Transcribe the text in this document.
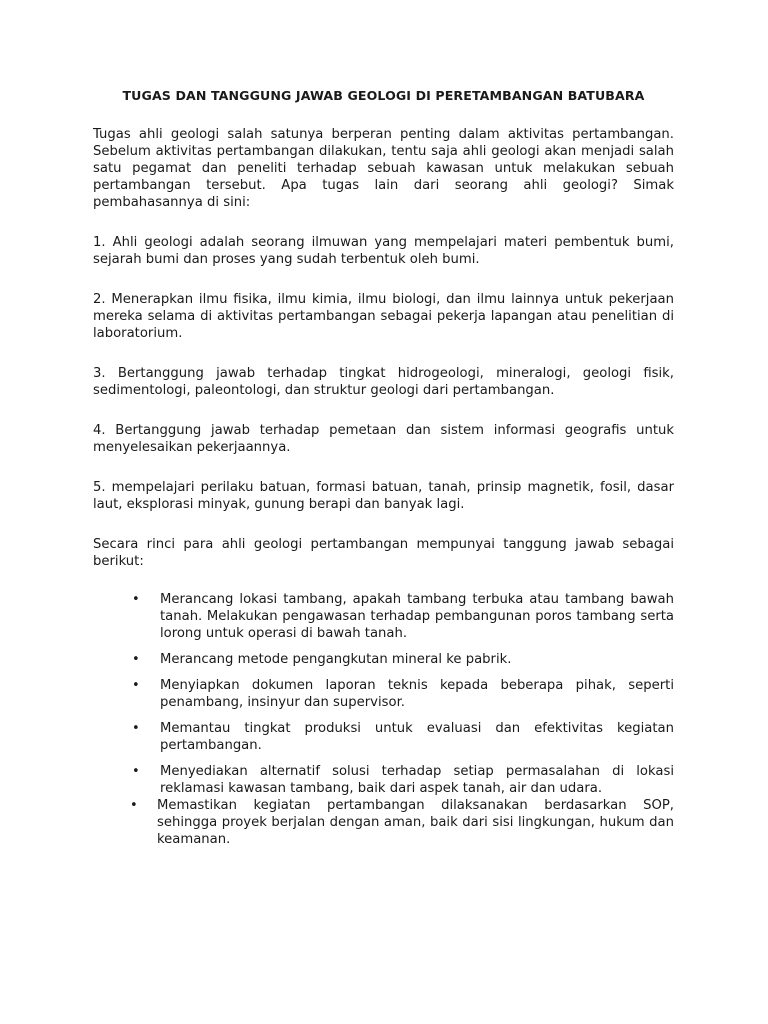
TUGAS DAN TANGGUNG JAWAB GEOLOGI DI PERETAMBANGAN BATUBARA

Tugas ahli geologi salah satunya berperan penting dalam aktivitas pertambangan. Sebelum aktivitas pertambangan dilakukan, tentu saja ahli geologi akan menjadi salah satu pegamat dan peneliti terhadap sebuah kawasan untuk melakukan sebuah pertambangan tersebut. Apa tugas lain dari seorang ahli geologi? Simak pembahasannya di sini:

1. Ahli geologi adalah seorang ilmuwan yang mempelajari materi pembentuk bumi, sejarah bumi dan proses yang sudah terbentuk oleh bumi.

2. Menerapkan ilmu fisika, ilmu kimia, ilmu biologi, dan ilmu lainnya untuk pekerjaan mereka selama di aktivitas pertambangan sebagai pekerja lapangan atau penelitian di laboratorium.

3. Bertanggung jawab terhadap tingkat hidrogeologi, mineralogi, geologi fisik, sedimentologi, paleontologi, dan struktur geologi dari pertambangan.

4. Bertanggung jawab terhadap pemetaan dan sistem informasi geografis untuk menyelesaikan pekerjaannya.

5. mempelajari perilaku batuan, formasi batuan, tanah, prinsip magnetik, fosil, dasar laut, eksplorasi minyak, gunung berapi dan banyak lagi.

Secara rinci para ahli geologi pertambangan mempunyai tanggung jawab sebagai berikut:

• Merancang lokasi tambang, apakah tambang terbuka atau tambang bawah tanah. Melakukan pengawasan terhadap pembangunan poros tambang serta lorong untuk operasi di bawah tanah.
• Merancang metode pengangkutan mineral ke pabrik.
• Menyiapkan dokumen laporan teknis kepada beberapa pihak, seperti penambang, insinyur dan supervisor.
• Memantau tingkat produksi untuk evaluasi dan efektivitas kegiatan pertambangan.
• Menyediakan alternatif solusi terhadap setiap permasalahan di lokasi reklamasi kawasan tambang, baik dari aspek tanah, air dan udara.
• Memastikan kegiatan pertambangan dilaksanakan berdasarkan SOP, sehingga proyek berjalan dengan aman, baik dari sisi lingkungan, hukum dan keamanan.
